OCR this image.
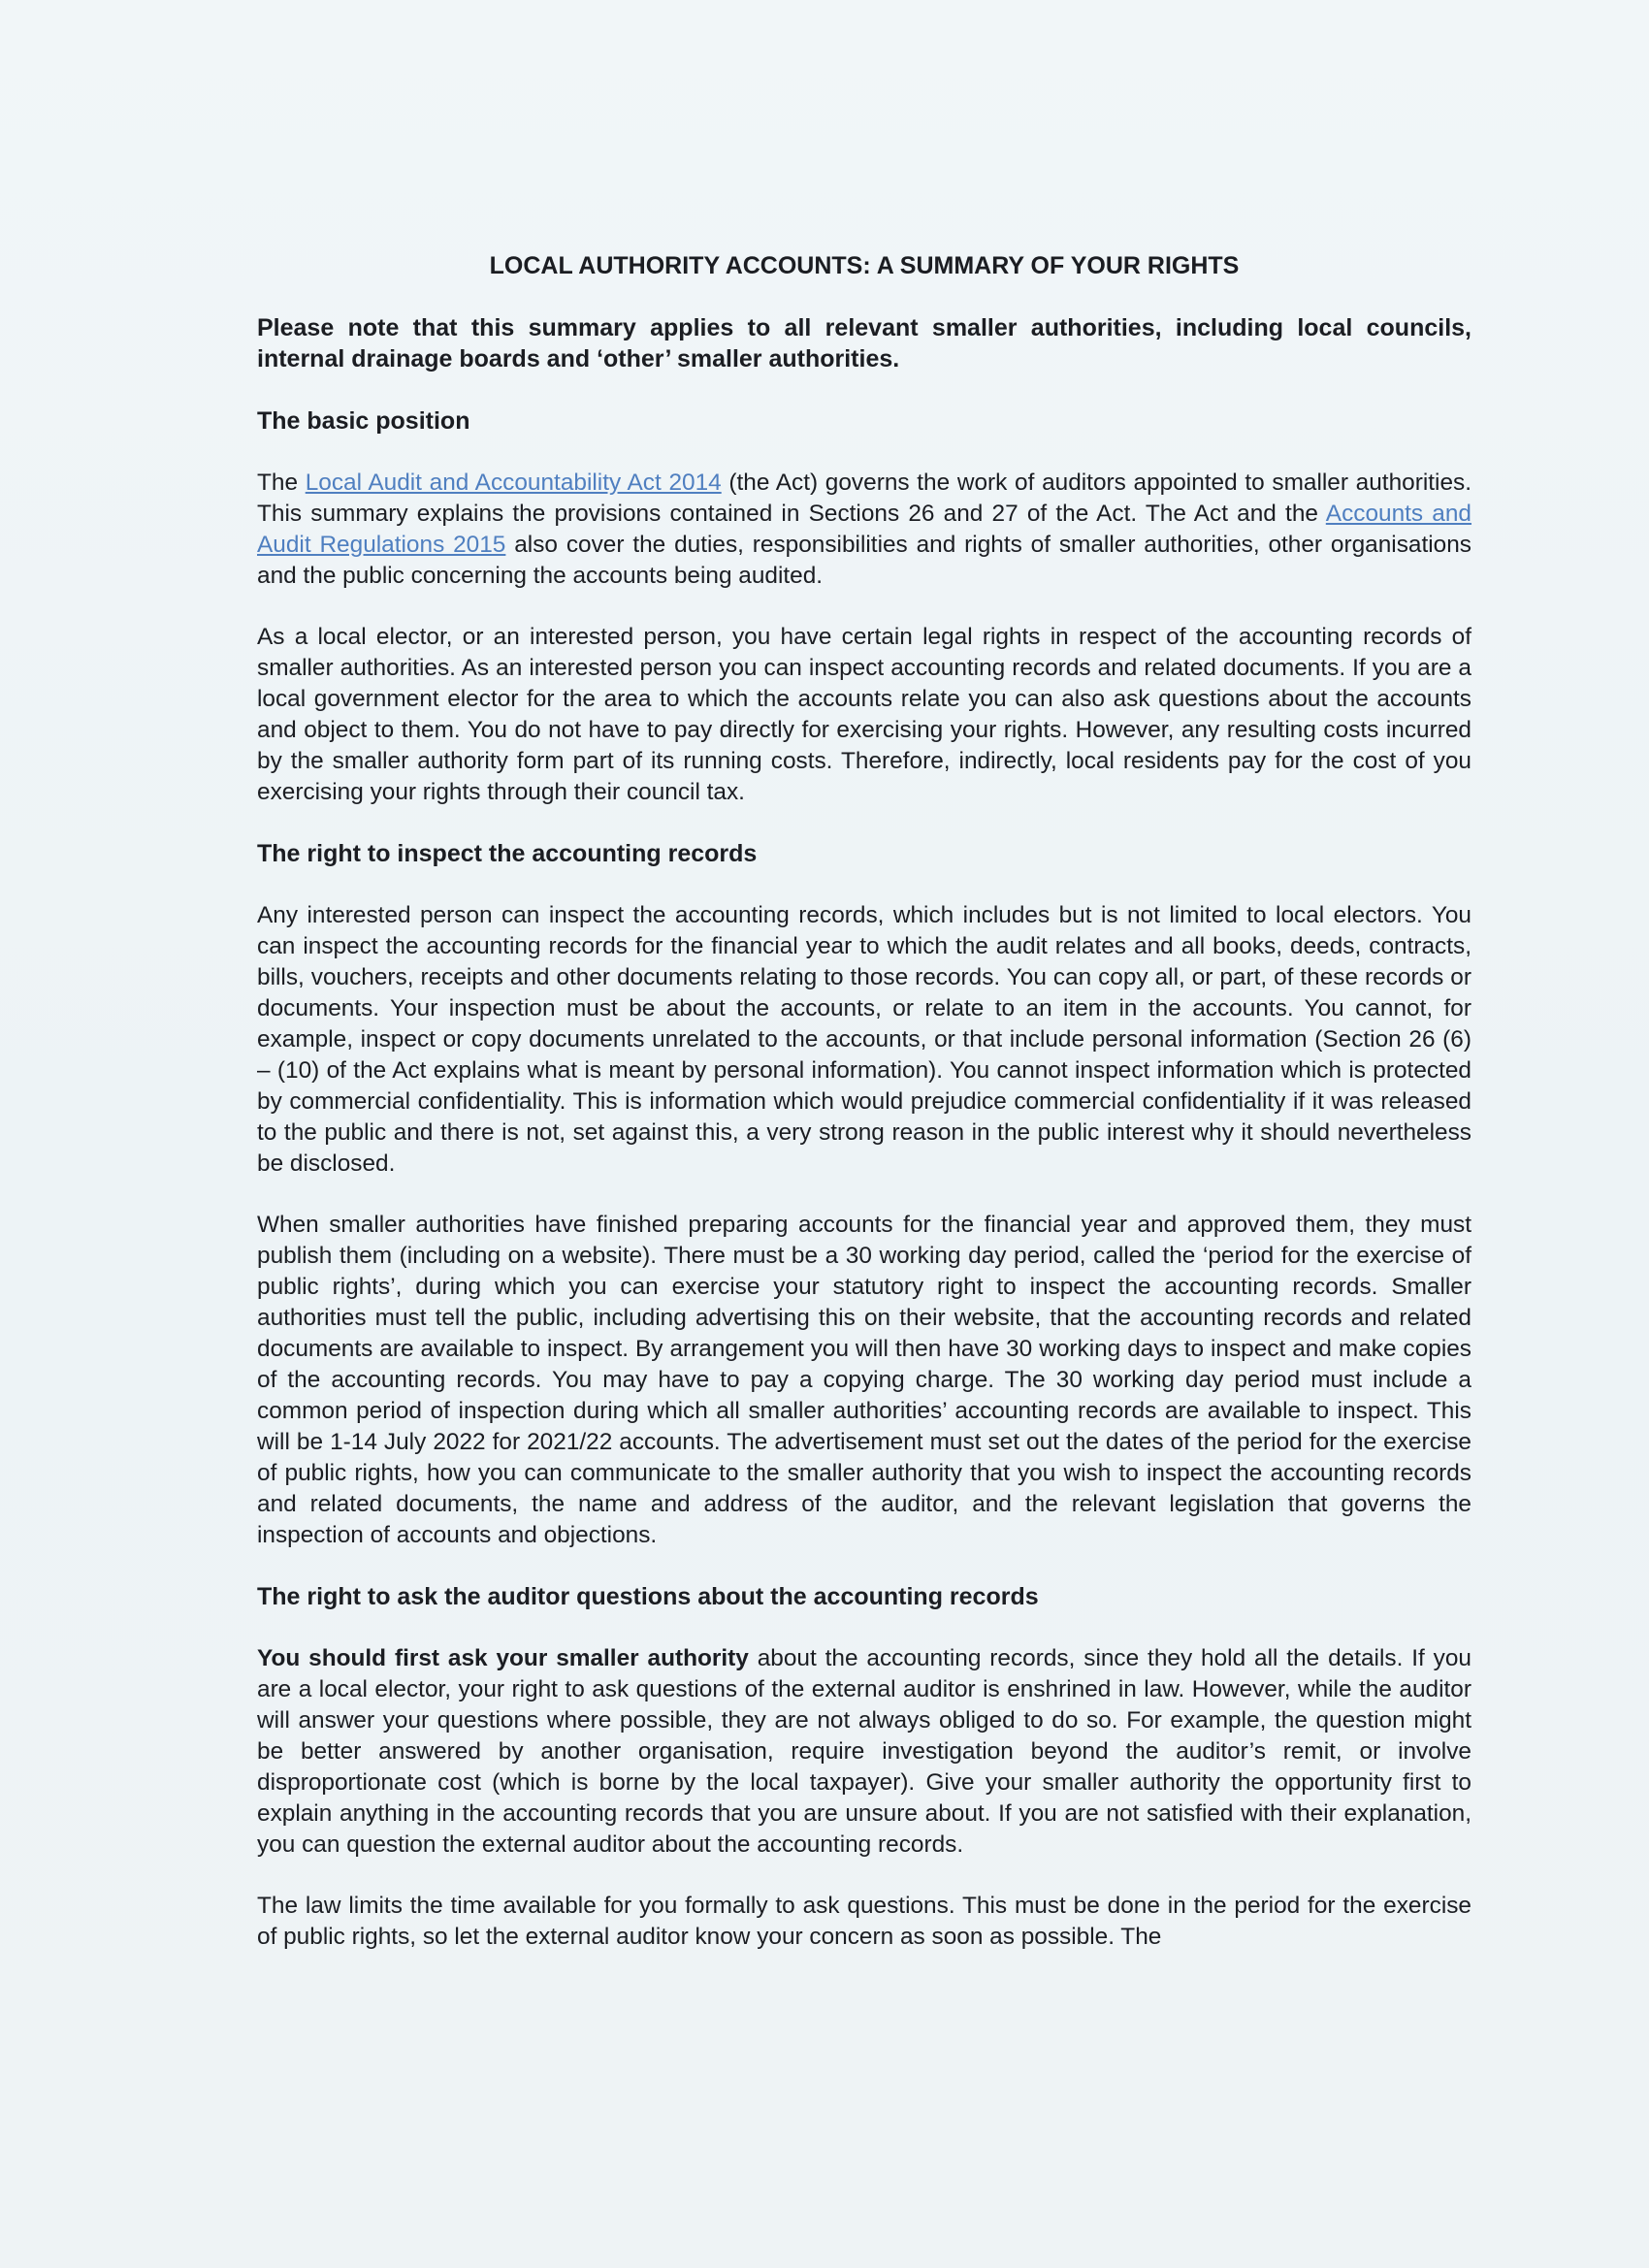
LOCAL AUTHORITY ACCOUNTS: A SUMMARY OF YOUR RIGHTS
Please note that this summary applies to all relevant smaller authorities, including local councils, internal drainage boards and ‘other’ smaller authorities.
The basic position

The Local Audit and Accountability Act 2014 (the Act) governs the work of auditors appointed to smaller authorities. This summary explains the provisions contained in Sections 26 and 27 of the Act. The Act and the Accounts and Audit Regulations 2015 also cover the duties, responsibilities and rights of smaller authorities, other organisations and the public concerning the accounts being audited.

As a local elector, or an interested person, you have certain legal rights in respect of the accounting records of smaller authorities. As an interested person you can inspect accounting records and related documents. If you are a local government elector for the area to which the accounts relate you can also ask questions about the accounts and object to them. You do not have to pay directly for exercising your rights. However, any resulting costs incurred by the smaller authority form part of its running costs. Therefore, indirectly, local residents pay for the cost of you exercising your rights through their council tax.

The right to inspect the accounting records

Any interested person can inspect the accounting records, which includes but is not limited to local electors. You can inspect the accounting records for the financial year to which the audit relates and all books, deeds, contracts, bills, vouchers, receipts and other documents relating to those records. You can copy all, or part, of these records or documents. Your inspection must be about the accounts, or relate to an item in the accounts. You cannot, for example, inspect or copy documents unrelated to the accounts, or that include personal information (Section 26 (6) – (10) of the Act explains what is meant by personal information). You cannot inspect information which is protected by commercial confidentiality. This is information which would prejudice commercial confidentiality if it was released to the public and there is not, set against this, a very strong reason in the public interest why it should nevertheless be disclosed.

When smaller authorities have finished preparing accounts for the financial year and approved them, they must publish them (including on a website). There must be a 30 working day period, called the ‘period for the exercise of public rights’, during which you can exercise your statutory right to inspect the accounting records. Smaller authorities must tell the public, including advertising this on their website, that the accounting records and related documents are available to inspect. By arrangement you will then have 30 working days to inspect and make copies of the accounting records. You may have to pay a copying charge. The 30 working day period must include a common period of inspection during which all smaller authorities’ accounting records are available to inspect. This will be 1-14 July 2022 for 2021/22 accounts. The advertisement must set out the dates of the period for the exercise of public rights, how you can communicate to the smaller authority that you wish to inspect the accounting records and related documents, the name and address of the auditor, and the relevant legislation that governs the inspection of accounts and objections.

The right to ask the auditor questions about the accounting records

You should first ask your smaller authority about the accounting records, since they hold all the details. If you are a local elector, your right to ask questions of the external auditor is enshrined in law. However, while the auditor will answer your questions where possible, they are not always obliged to do so. For example, the question might be better answered by another organisation, require investigation beyond the auditor’s remit, or involve disproportionate cost (which is borne by the local taxpayer). Give your smaller authority the opportunity first to explain anything in the accounting records that you are unsure about. If you are not satisfied with their explanation, you can question the external auditor about the accounting records.

The law limits the time available for you formally to ask questions. This must be done in the period for the exercise of public rights, so let the external auditor know your concern as soon as possible. The
